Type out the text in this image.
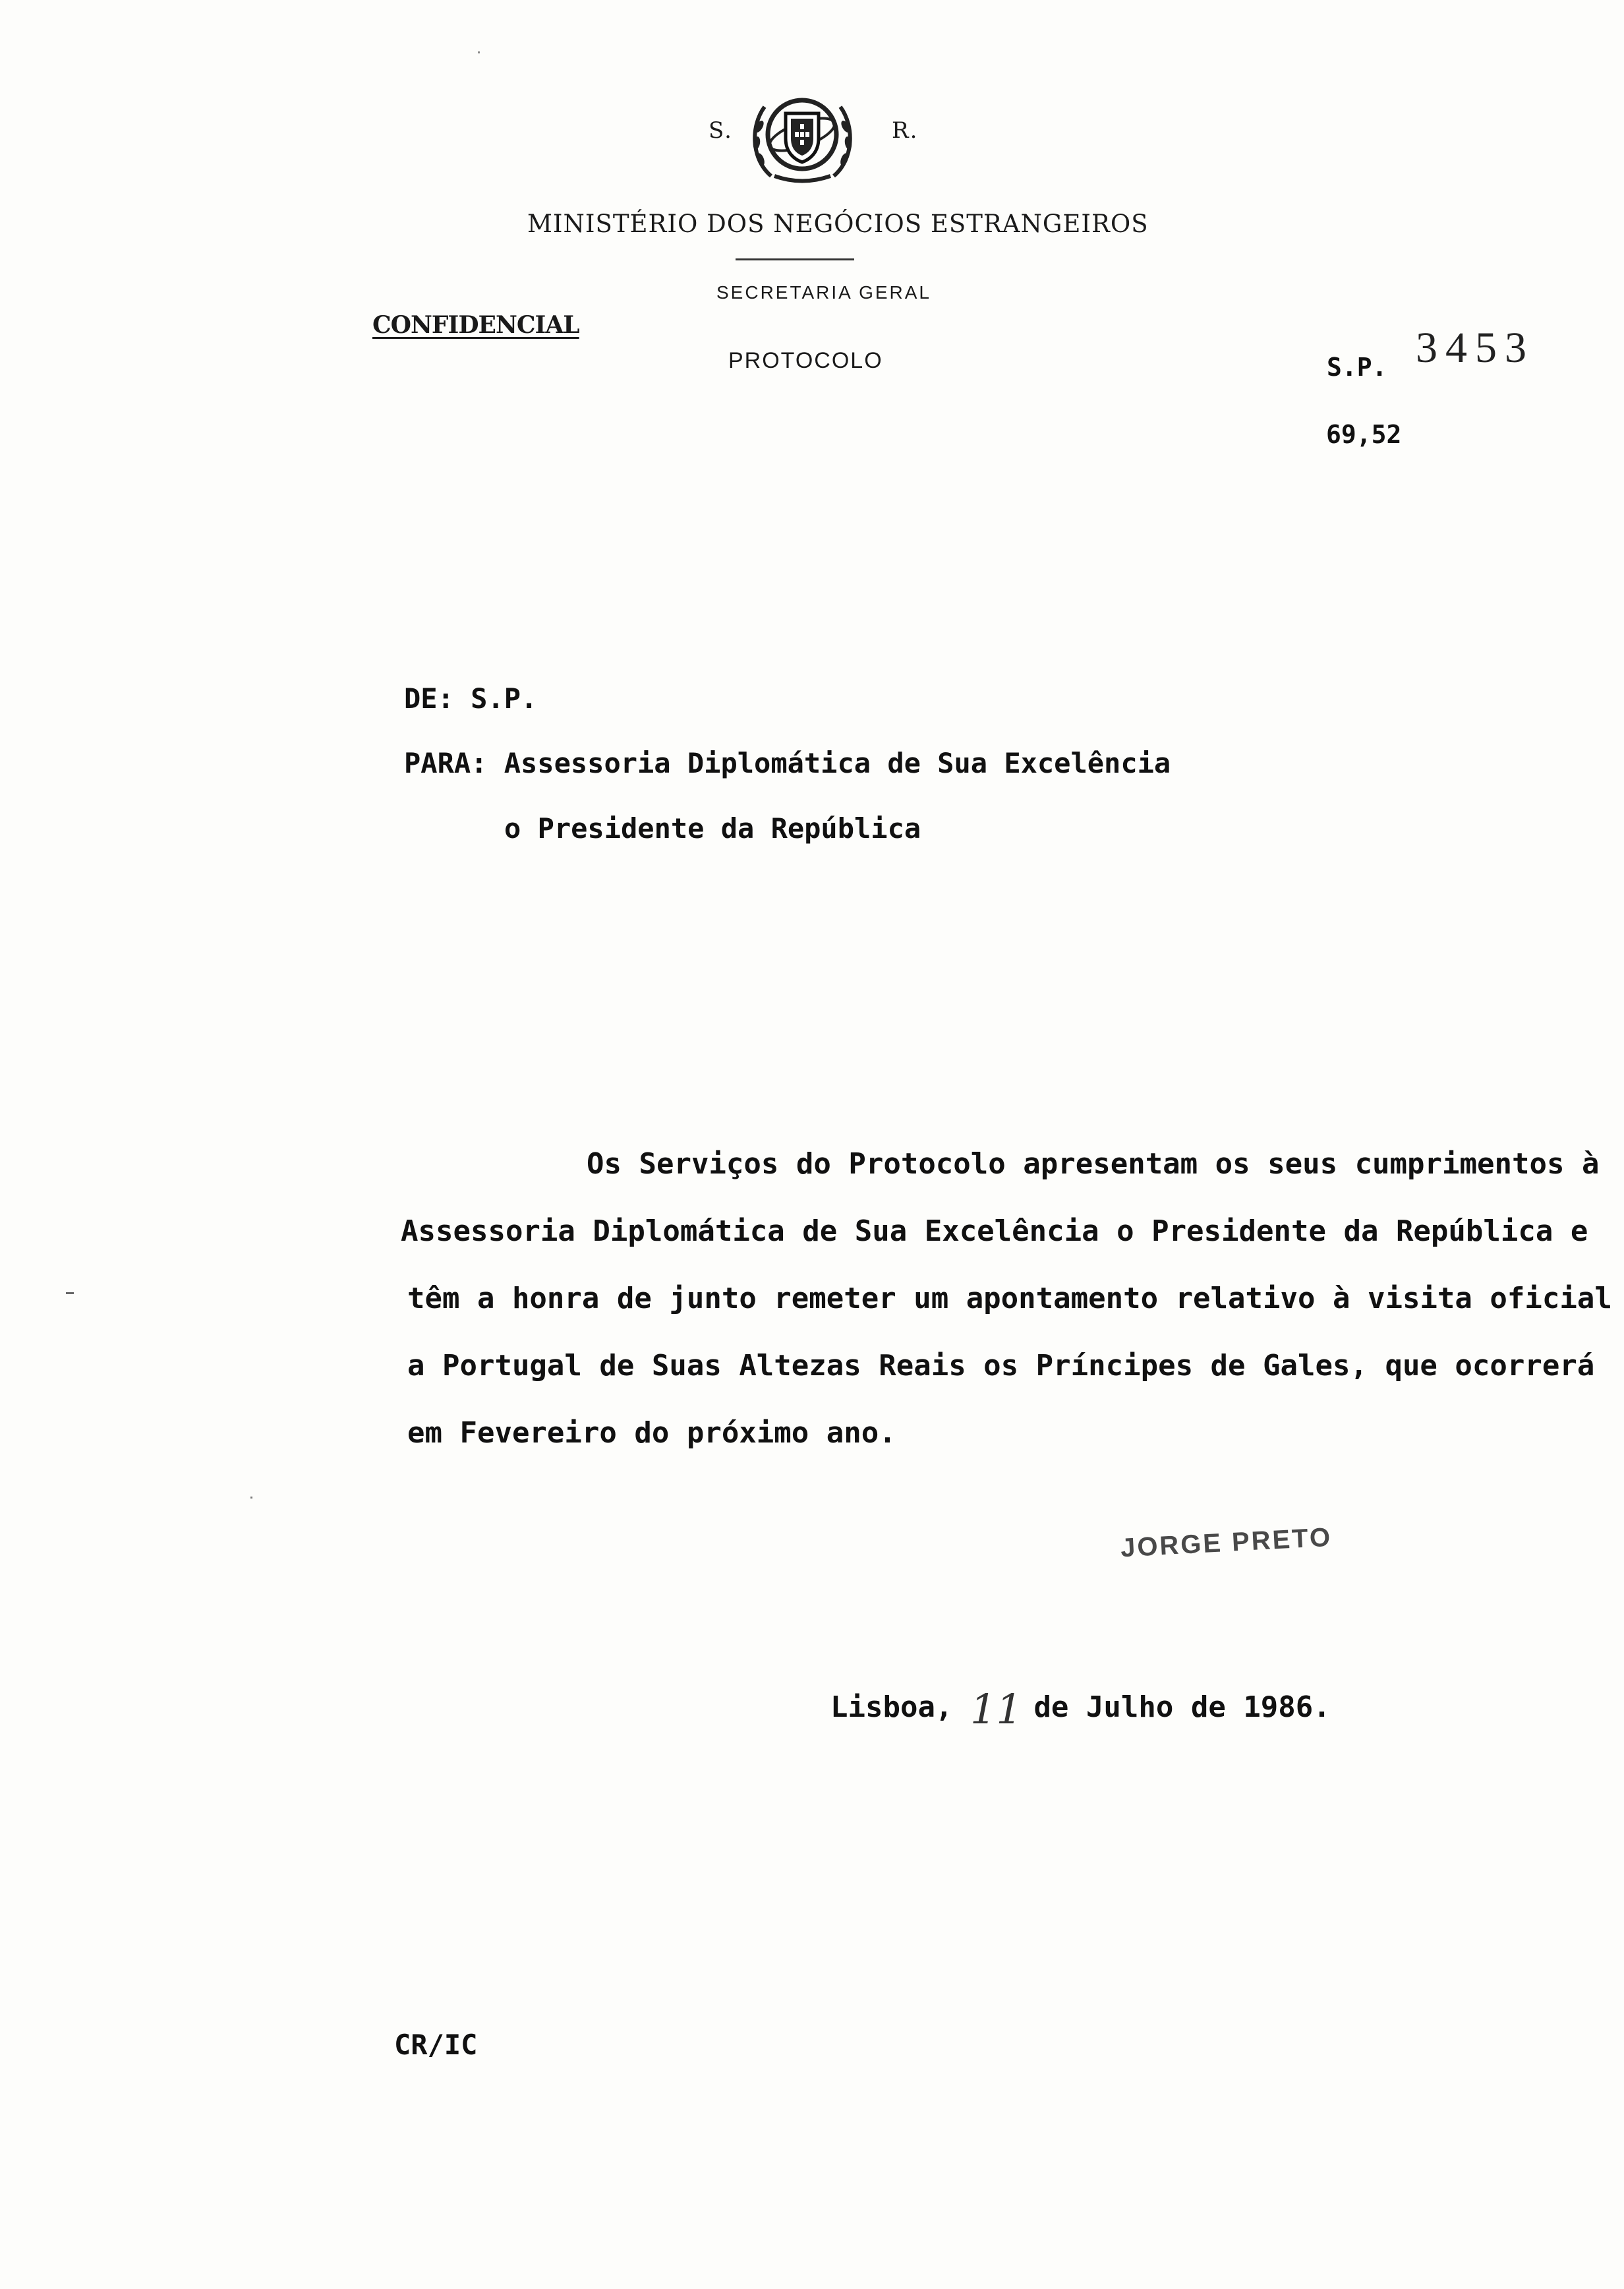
S.	R.
MINISTÉRIO DOS NEGÓCIOS ESTRANGEIROS
SECRETARIA GERAL
CONFIDENCIAL
PROTOCOLO	S.P. 3453
69,52
DE: S.P.
PARA: Assessoria Diplomática de Sua Excelência
o Presidente da República
Os Serviços do Protocolo apresentam os seus cumprimentos à
Assessoria Diplomática de Sua Excelência o Presidente da República e
têm a honra de junto remeter um apontamento relativo à visita oficial
a Portugal de Suas Altezas Reais os Príncipes de Gales, que ocorrerá
em Fevereiro do próximo ano.
JORGE PRETO
Lisboa, 11 de Julho de 1986.
CR/IC
